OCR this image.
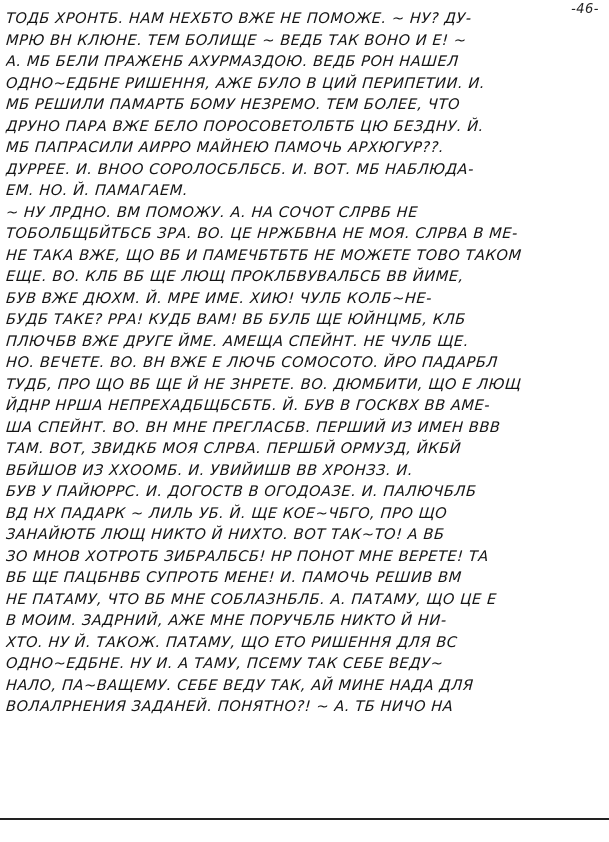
-46-
ТОДБ ХРОНТБ. НАМ НЕХБТО ВЖЕ НЕ ПОМОЖЕ. ~ НУ? ДУ-
МРЮ ВН КЛЮНЕ. ТЕМ БОЛИЩЕ ~ ВЕДБ ТАК ВОНО И Е! ~
А. МБ БЕЛИ ПРАЖЕНБ АХУРМАЗДОЮ. ВЕДБ РОН НАШЕЛ
ОДНО~ЕДБНЕ РИШЕННЯ, АЖЕ БУЛО В ЦИЙ ПЕРИПЕТИИ. И.
МБ РЕШИЛИ ПАМАРТБ БОМУ НЕЗРЕМО. ТЕМ БОЛЕЕ, ЧТО
ДРУНО ПАРА ВЖЕ БЕЛО ПОРОСОВЕТОЛБТБ ЦЮ БЕЗДНУ. Й.
МБ ПАПРАСИЛИ АИРРО МАЙНЕЮ ПАМОЧЬ АРХЮГУР??.
ДУРРЕЕ. И. ВНОО СОРОЛОСБЛБСБ. И. ВОТ. МБ НАБЛЮДА-
ЕМ. НО. Й. ПАМАГАЕМ.
~ НУ ЛРДНО. ВМ ПОМОЖУ. А. НА СОЧОТ СЛРВБ НЕ
ТОБОЛБЩБЙТБСБ ЗРА. ВО. ЦЕ НРЖБВНА НЕ МОЯ. СЛРВА В МЕ-
НЕ ТАКА ВЖЕ, ЩО ВБ И ПАМЕЧБТБТБ НЕ МОЖЕТЕ ТОВО ТАКОМ
ЕЩЕ. ВО. КЛБ ВБ ЩЕ ЛЮЩ ПРОКЛБВУВАЛБСБ ВB ЙИМЕ,
БУВ ВЖЕ ДЮХМ. Й. МРЕ ИМЕ. ХИЮ! ЧУЛБ КОЛБ~НЕ-
БУДБ ТАКЕ? РРА! КУДБ ВАМ! ВБ БУЛБ ЩЕ ЮЙНЦМБ, КЛБ
ПЛЮЧБВ ВЖЕ ДРУГЕ ЙМЕ. АМЕЩА СПЕЙНТ. НЕ ЧУЛБ ЩЕ.
НО. ВЕЧЕТЕ. ВО. ВН ВЖЕ Е ЛЮЧБ СОМОСОТО. ЙРО ПАДАРБЛ
ТУДБ, ПРО ЩО ВБ ЩЕ Й НЕ ЗНРЕТЕ. ВО. ДЮМБИТИ, ЩО Е ЛЮЩ
ЙДНР НРША НЕПРЕХАДБЩБСБТБ. Й. БУВ В ГОСКВХ ВB АМЕ-
ША СПЕЙНТ. ВО. ВН МНЕ ПРЕГЛАСБВ. ПЕРШИЙ ИЗ ИМЕН ВВB
ТАМ. ВОТ, ЗВИДКБ МОЯ СЛРВА. ПЕРШБЙ ОРМУЗД, ЙКБЙ
ВБЙШОВ ИЗ ХХООМБ. И. УВИЙИШВ ВB ХРОНЗЗ. И.
БУВ У ПАЙЮРРС. И. ДОГОСТВ В ОГОДОАЗЕ. И. ПАЛЮЧБЛБ
ВД НХ ПАДАРК ~ ЛИЛЬ УБ. Й. ЩЕ КОЕ~ЧБГО, ПРО ЩО
ЗАНАЙЮТБ ЛЮЩ НИКТО Й НИХТО. ВОТ ТАК~ТО! А ВБ
ЗО МНОВ ХОТРОТБ ЗИБРАЛБСБ! НР ПОНОТ МНЕ ВЕРЕТЕ! ТА
ВБ ЩЕ ПАЦБНВБ СУПРОТБ МЕНЕ! И. ПАМОЧЬ РЕШИВ ВМ
НЕ ПАТАМУ, ЧТО ВБ МНЕ СОБЛАЗНБЛБ. А. ПАТАМУ, ЩО ЦЕ Е
В МОИМ. ЗАДРНИЙ, АЖЕ МНЕ ПОРУЧБЛБ НИКТО Й НИ-
ХТО. НУ Й. ТАКОЖ. ПАТАМУ, ЩО ЕТО РИШЕННЯ ДЛЯ ВС
ОДНО~ЕДБНЕ. НУ И. А ТАМУ, ПСЕМУ ТАК СЕБЕ ВЕДУ~
НАЛО, ПА~ВАЩЕМУ. СЕБЕ ВЕДУ ТАК, АЙ МИНЕ НАДА ДЛЯ
ВОЛАЛРНЕНИЯ ЗАДАНЕЙ. ПОНЯТНО?! ~ А. ТБ НИЧО НА
